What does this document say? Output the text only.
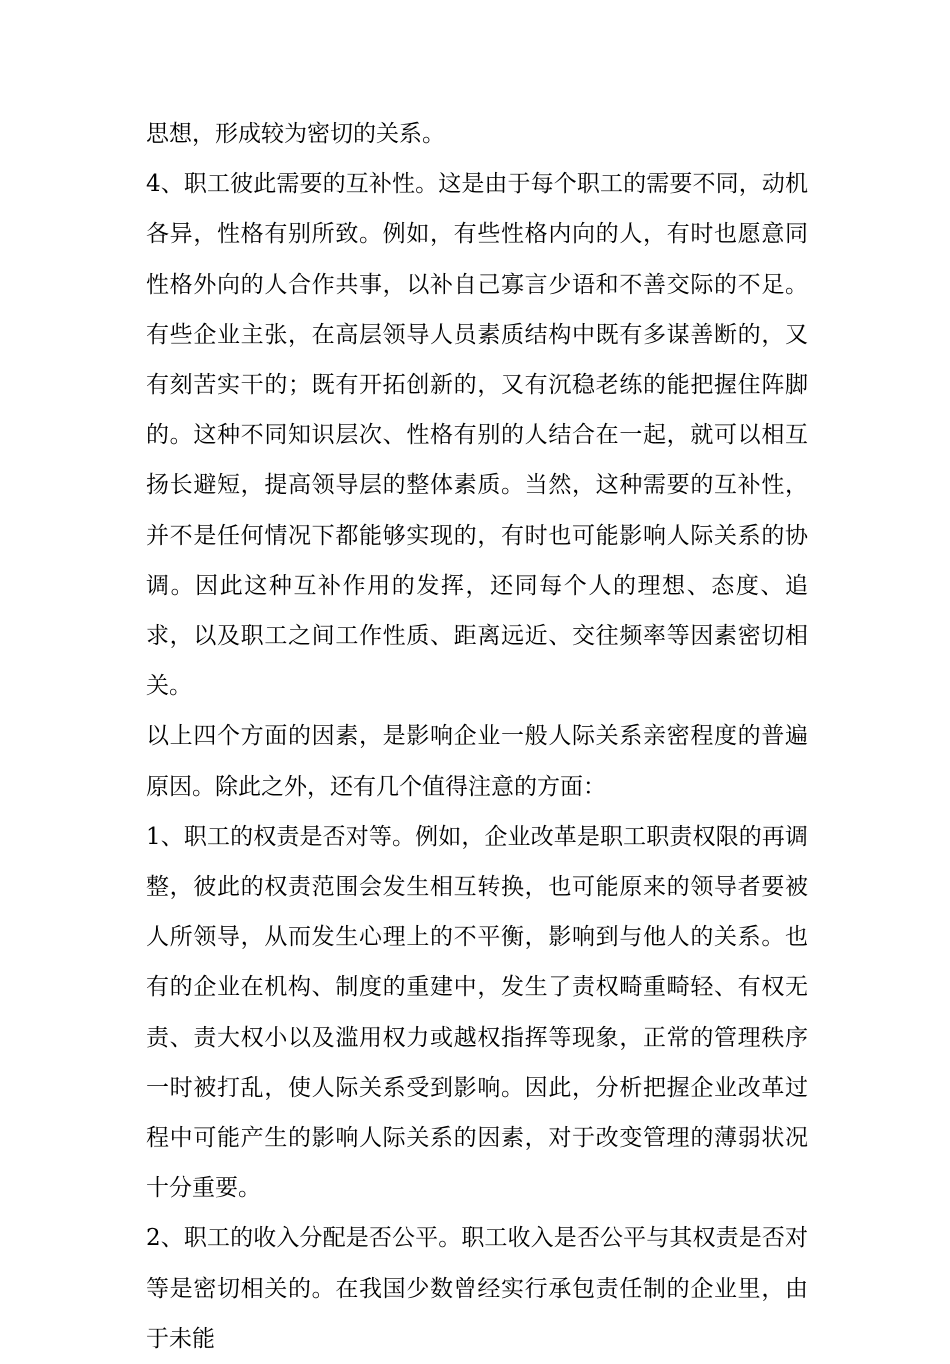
思想，形成较为密切的关系。

4、职工彼此需要的互补性。这是由于每个职工的需要不同，动机各异，性格有别所致。例如，有些性格内向的人，有时也愿意同性格外向的人合作共事，以补自己寡言少语和不善交际的不足。有些企业主张，在高层领导人员素质结构中既有多谋善断的，又有刻苦实干的；既有开拓创新的，又有沉稳老练的能把握住阵脚的。这种不同知识层次、性格有别的人结合在一起，就可以相互扬长避短，提高领导层的整体素质。当然，这种需要的互补性，并不是任何情况下都能够实现的，有时也可能影响人际关系的协调。因此这种互补作用的发挥，还同每个人的理想、态度、追求，以及职工之间工作性质、距离远近、交往频率等因素密切相关。

以上四个方面的因素，是影响企业一般人际关系亲密程度的普遍原因。除此之外，还有几个值得注意的方面：

1、职工的权责是否对等。例如，企业改革是职工职责权限的再调整，彼此的权责范围会发生相互转换，也可能原来的领导者要被人所领导，从而发生心理上的不平衡，影响到与他人的关系。也有的企业在机构、制度的重建中，发生了责权畸重畸轻、有权无责、责大权小以及滥用权力或越权指挥等现象，正常的管理秩序一时被打乱，使人际关系受到影响。因此，分析把握企业改革过程中可能产生的影响人际关系的因素，对于改变管理的薄弱状况十分重要。

2、职工的收入分配是否公平。职工收入是否公平与其权责是否对等是密切相关的。在我国少数曾经实行承包责任制的企业里，由于未能
